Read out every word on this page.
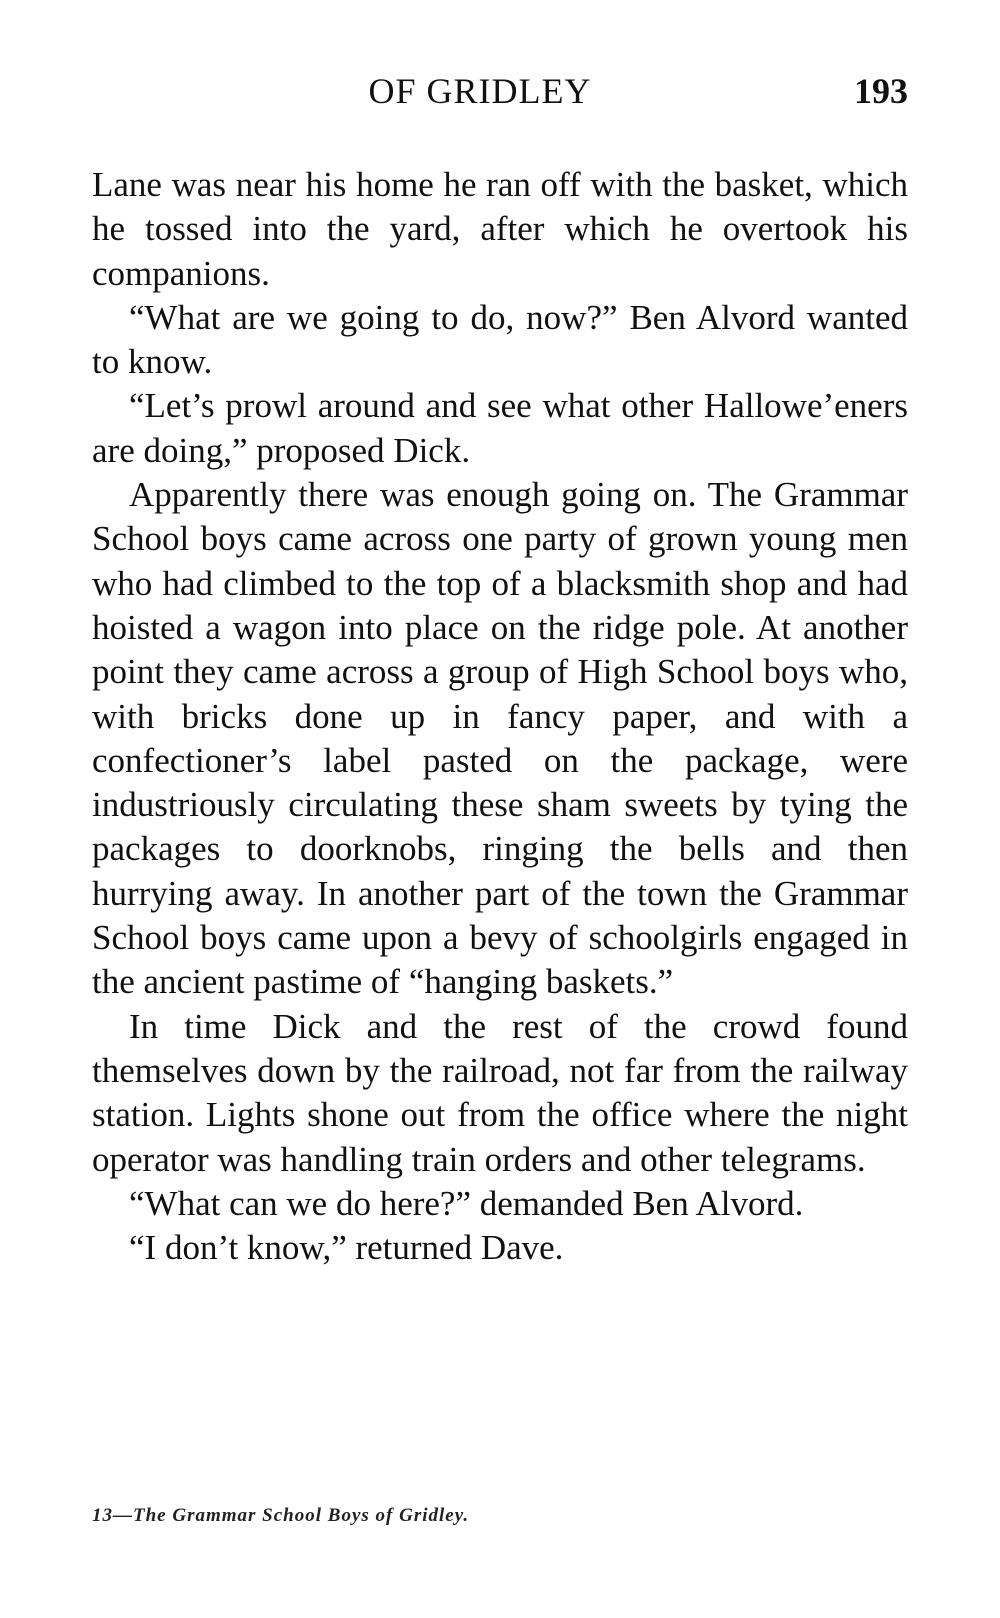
OF GRIDLEY	193

Lane was near his home he ran off with the basket, which he tossed into the yard, after which he overtook his companions.

“What are we going to do, now?” Ben Alvord wanted to know.

“Let’s prowl around and see what other Hallowe’eners are doing,” proposed Dick.

Apparently there was enough going on. The Grammar School boys came across one party of grown young men who had climbed to the top of a blacksmith shop and had hoisted a wagon into place on the ridge pole. At another point they came across a group of High School boys who, with bricks done up in fancy paper, and with a confectioner’s label pasted on the package, were industriously circulating these sham sweets by tying the packages to doorknobs, ringing the bells and then hurrying away. In another part of the town the Grammar School boys came upon a bevy of schoolgirls engaged in the ancient pastime of “hanging baskets.”

In time Dick and the rest of the crowd found themselves down by the railroad, not far from the railway station. Lights shone out from the office where the night operator was handling train orders and other telegrams.

“What can we do here?” demanded Ben Alvord.

“I don’t know,” returned Dave.

13—The Grammar School Boys of Gridley.
